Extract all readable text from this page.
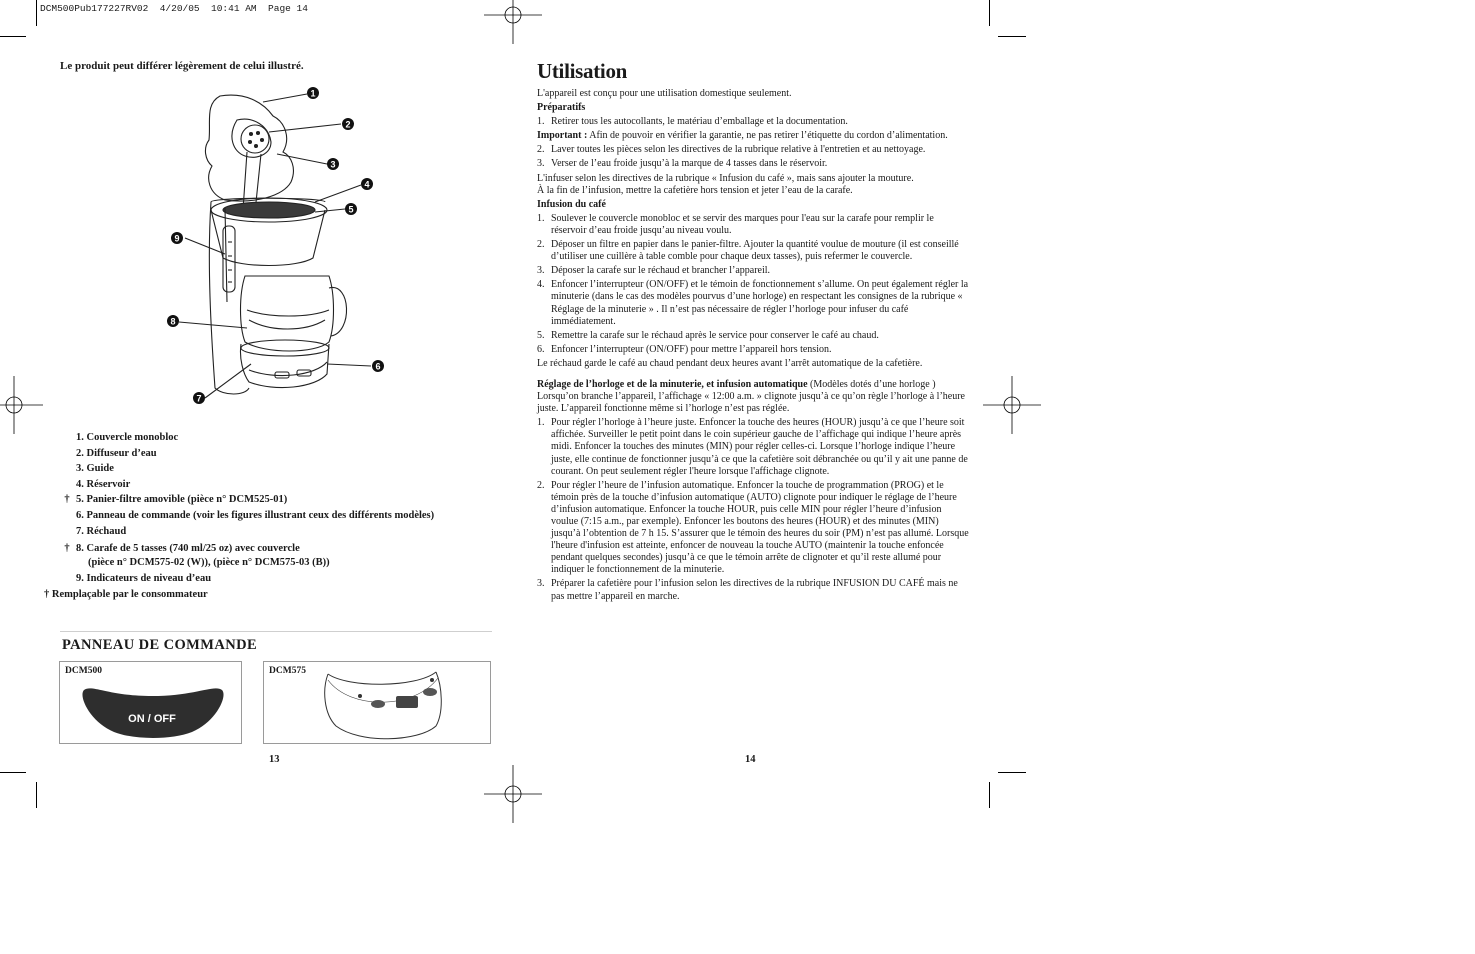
DCM500Pub177227RV02  4/20/05  10:41 AM  Page 14
Le produit peut différer légèrement de celui illustré.
1
2
3
4
5
6
7
8
9
1. Couvercle monobloc
2. Diffuseur d’eau
3. Guide
4. Réservoir
† 5. Panier-filtre amovible (pièce n° DCM525-01)
6. Panneau de commande (voir les figures illustrant ceux des différents modèles)
7. Réchaud
† 8. Carafe de 5 tasses (740 ml/25 oz) avec couvercle
(pièce n° DCM575-02 (W)), (pièce n° DCM575-03 (B))
9. Indicateurs de niveau d’eau
† Remplaçable par le consommateur
PANNEAU DE COMMANDE
DCM500
ON / OFF
DCM575
13
Utilisation

L'appareil est conçu pour une utilisation domestique seulement.

Préparatifs

1. Retirer tous les autocollants, le matériau d’emballage et la documentation.

Important : Afin de pouvoir en vérifier la garantie, ne pas retirer l’étiquette du cordon d’alimentation.

2. Laver toutes les pièces selon les directives de la rubrique relative à l'entretien et au nettoyage.
3. Verser de l’eau froide jusqu’à la marque de 4 tasses dans le réservoir.

L'infuser selon les directives de la rubrique « Infusion du café », mais sans ajouter la mouture.

À la fin de l’infusion, mettre la cafetière hors tension et jeter l’eau de la carafe.

Infusion du café

1. Soulever le couvercle monobloc et se servir des marques pour l'eau sur la carafe pour remplir le réservoir d’eau froide jusqu’au niveau voulu.
2. Déposer un filtre en papier dans le panier-filtre. Ajouter la quantité voulue de mouture (il est conseillé d’utiliser une cuillère à table comble pour chaque deux tasses), puis refermer le couvercle.
3. Déposer la carafe sur le réchaud et brancher l’appareil.
4. Enfoncer l’interrupteur (ON/OFF) et le témoin de fonctionnement s’allume. On peut également régler la minuterie (dans le cas des modèles pourvus d’une horloge) en respectant les consignes de la rubrique « Réglage de la minuterie » . Il n’est pas nécessaire de régler l’horloge pour infuser du café immédiatement.
5. Remettre la carafe sur le réchaud après le service pour conserver le café au chaud.
6. Enfoncer l’interrupteur (ON/OFF) pour mettre l’appareil hors tension.

Le réchaud garde le café au chaud pendant deux heures avant l’arrêt automatique de la cafetière.

Réglage de l’horloge et de la minuterie, et infusion automatique (Modèles dotés d’une horloge )

Lorsqu’on branche l’appareil, l’affichage « 12:00 a.m. » clignote jusqu’à ce qu’on règle l’horloge à l’heure juste. L’appareil fonctionne même si l’horloge n’est pas réglée.

1. Pour régler l’horloge à l’heure juste. Enfoncer la touche des heures (HOUR) jusqu’à ce que l’heure soit affichée. Surveiller le petit point dans le coin supérieur gauche de l’affichage qui indique l’heure après midi. Enfoncer la touches des minutes (MIN) pour régler celles-ci. Lorsque l’horloge indique l’heure juste, elle continue de fonctionner jusqu’à ce que la cafetière soit débranchée ou qu’il y ait une panne de courant. On peut seulement régler l'heure lorsque l'affichage clignote.
2. Pour régler l’heure de l’infusion automatique. Enfoncer la touche de programmation (PROG) et le témoin près de la touche d’infusion automatique (AUTO) clignote pour indiquer le réglage de l’heure d’infusion automatique. Enfoncer la touche HOUR, puis celle MIN pour régler l’heure d’infusion voulue (7:15 a.m., par exemple). Enfoncer les boutons des heures (HOUR) et des minutes (MIN) jusqu’à l’obtention de 7 h 15. S’assurer que le témoin des heures du soir (PM) n’est pas allumé. Lorsque l'heure d'infusion est atteinte, enfoncer de nouveau la touche AUTO (maintenir la touche enfoncée pendant quelques secondes) jusqu’à ce que le témoin arrête de clignoter et qu’il reste allumé pour indiquer le fonctionnement de la minuterie.
3. Préparer la cafetière pour l’infusion selon les directives de la rubrique INFUSION DU CAFÉ mais ne pas mettre l’appareil en marche.
14
